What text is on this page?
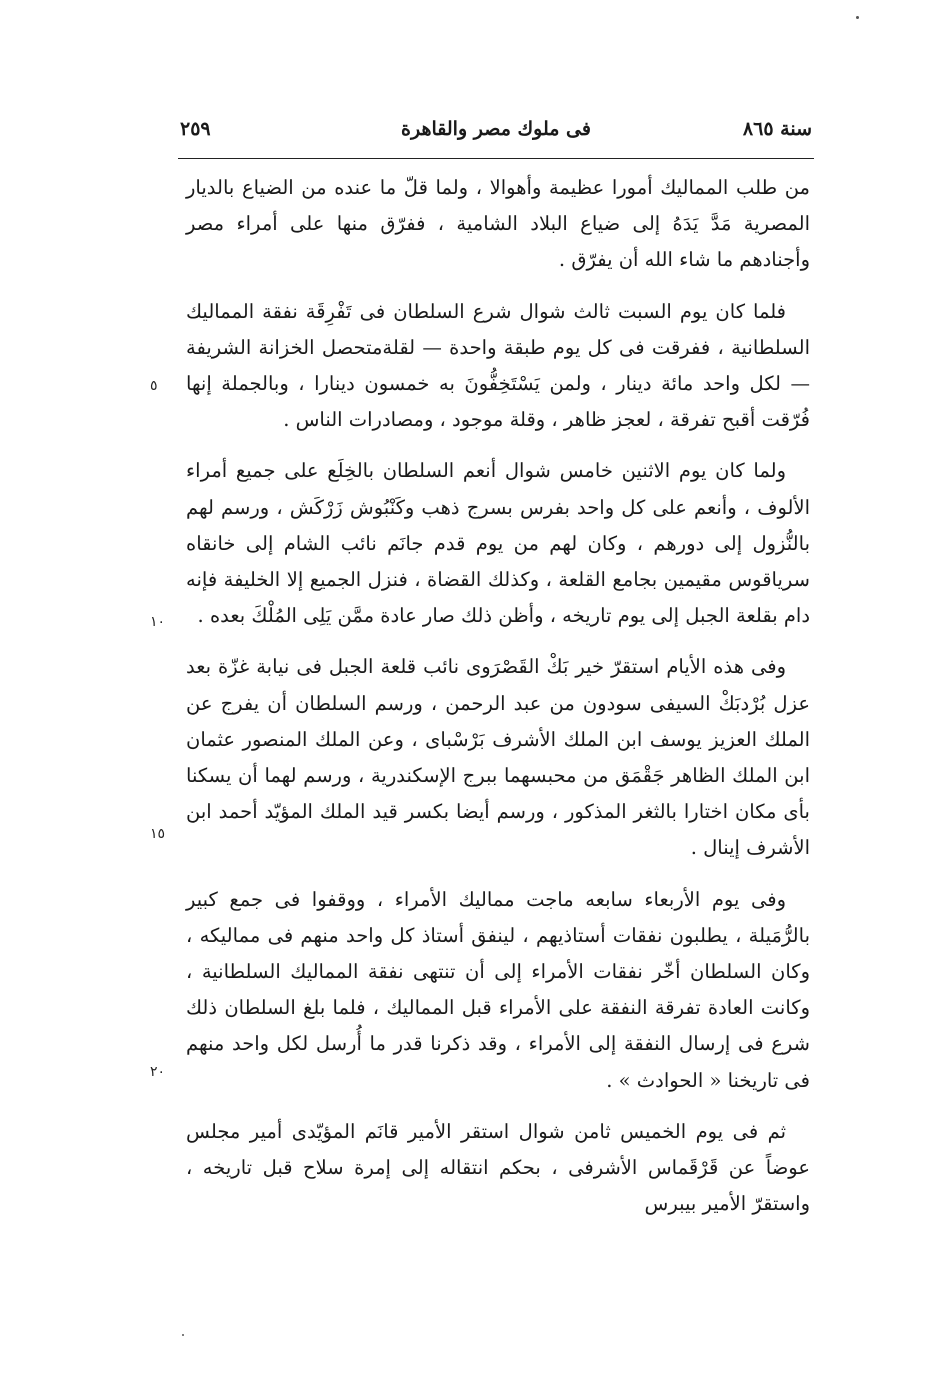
سنة ٨٦٥
فى ملوك مصر والقاهرة
٢٥٩

من طلب المماليك أمورا عظيمة وأهوالا ، ولما قلّ ما عنده من الضياع بالديار المصرية مَدَّ يَدَهُ إلى ضياع البلاد الشامية ، ففرّق منها على أمراء مصر وأجنادهم ما شاء الله أن يفرّق .

فلما كان يوم السبت ثالث شوال شرع السلطان فى تَفْرِقَة نفقة المماليك السلطانية ، ففرقت فى كل يوم طبقة واحدة — لقلةمتحصل الخزانة الشريفة — لكل واحد مائة دينار ، ولمن يَسْتَخِفُّونَ به خمسون دينارا ، وبالجملة إنها فُرّقت أقبح تفرقة ، لعجز ظاهر ، وقلة موجود ، ومصادرات الناس .

ولما كان يوم الاثنين خامس شوال أنعم السلطان بالخِلَع على جميع أمراء الألوف ، وأنعم على كل واحد بفرس بسرج ذهب وكَنْبُوش زَرْكَش ، ورسم لهم بالنُّزول إلى دورهم ، وكان لهم من يوم قدم جانَم نائب الشام إلى خانقاه سرياقوس مقيمين بجامع القلعة ، وكذلك القضاة ، فنزل الجميع إلا الخليفة فإنه دام بقلعة الجبل إلى يوم تاريخه ، وأظن ذلك صار عادة ممَّن يَلِى المُلْكَ بعده .

وفى هذه الأيام استقرّ خير بَكْ القَصْرَوى نائب قلعة الجبل فى نيابة غزّة بعد عزل بُرْدبَكْ السيفى سودون من عبد الرحمن ، ورسم السلطان أن يفرج عن الملك العزيز يوسف ابن الملك الأشرف بَرْسْباى ، وعن الملك المنصور عثمان ابن الملك الظاهر جَقْمَق من محبسهما ببرج الإسكندرية ، ورسم لهما أن يسكنا بأى مكان اختارا بالثغر المذكور ، ورسم أيضا بكسر قيد الملك المؤيّد أحمد ابن الأشرف إينال .

وفى يوم الأربعاء سابعه ماجت مماليك الأمراء ، ووقفوا فى جمع كبير بالرُّمَيلة ، يطلبون نفقات أستاذيهم ، لينفق أستاذ كل واحد منهم فى مماليكه ، وكان السلطان أخّر نفقات الأمراء إلى أن تنتهى نفقة المماليك السلطانية ، وكانت العادة تفرقة النفقة على الأمراء قبل المماليك ، فلما بلغ السلطان ذلك شرع فى إرسال النفقة إلى الأمراء ، وقد ذكرنا قدر ما أُرسل لكل واحد منهم فى تاريخنا « الحوادث » .

ثم فى يوم الخميس ثامن شوال استقر الأمير قانَم المؤيّدى أمير مجلس عوضاً عن قَرْقَماس الأشرفى ، بحكم انتقاله إلى إمرة سلاح قبل تاريخه ، واستقرّ الأمير بيبرس

٥
١٠
١٥
٢٠
